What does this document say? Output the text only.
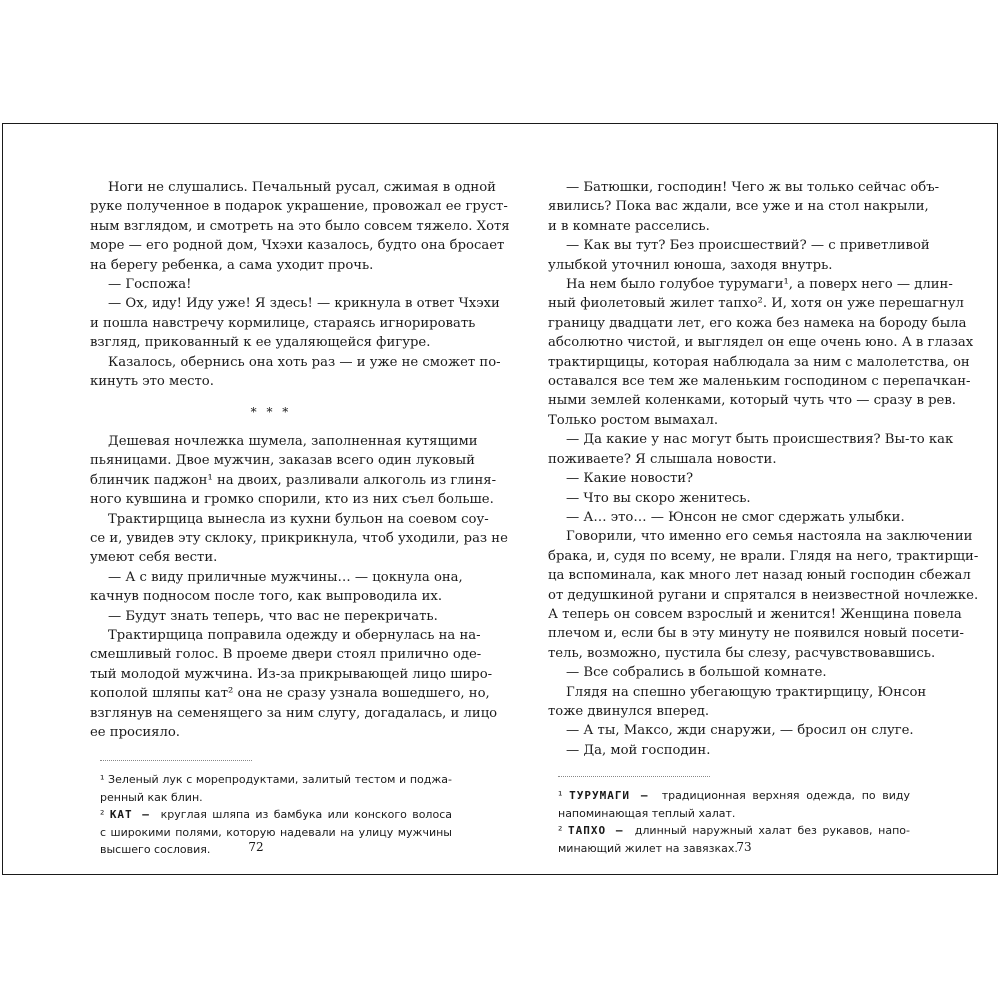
Ноги не слушались. Печальный русал, сжимая в одной
руке полученное в подарок украшение, провожал ее груст-
ным взглядом, и смотреть на это было совсем тяжело. Хотя
море — его родной дом, Чхэхи казалось, будто она бросает
на берегу ребенка, а сама уходит прочь.

— Госпожа!

— Ох, иду! Иду уже! Я здесь! — крикнула в ответ Чхэхи
и пошла навстречу кормилице, стараясь игнорировать
взгляд, прикованный к ее удаляющейся фигуре.

Казалось, обернись она хоть раз — и уже не сможет по-
кинуть это место.

* * *

Дешевая ночлежка шумела, заполненная кутящими
пьяницами. Двое мужчин, заказав всего один луковый
блинчик паджон¹ на двоих, разливали алкоголь из глиня-
ного кувшина и громко спорили, кто из них съел больше.

Трактирщица вынесла из кухни бульон на соевом соу-
се и, увидев эту склоку, прикрикнула, чтоб уходили, раз не
умеют себя вести.

— А с виду приличные мужчины… — цокнула она,
качнув подносом после того, как выпроводила их.

— Будут знать теперь, что вас не перекричать.

Трактирщица поправила одежду и обернулась на на-
смешливый голос. В проеме двери стоял прилично оде-
тый молодой мужчина. Из-за прикрывающей лицо широ-
кополой шляпы кат² она не сразу узнала вошедшего, но,
взглянув на семенящего за ним слугу, догадалась, и лицо
ее просияло.

¹ Зеленый лук с морепродуктами, залитый тестом и поджа-
ренный как блин.

² КАТ — круглая шляпа из бамбука или конского волоса
с широкими полями, которую надевали на улицу мужчины
высшего сословия.

— Батюшки, господин! Чего ж вы только сейчас объ-
явились? Пока вас ждали, все уже и на стол накрыли,
и в комнате расселись.

— Как вы тут? Без происшествий? — с приветливой
улыбкой уточнил юноша, заходя внутрь.

На нем было голубое турумаги¹, а поверх него — длин-
ный фиолетовый жилет тапхо². И, хотя он уже перешагнул
границу двадцати лет, его кожа без намека на бороду была
абсолютно чистой, и выглядел он еще очень юно. А в глазах
трактирщицы, которая наблюдала за ним с малолетства, он
оставался все тем же маленьким господином с перепачкан-
ными землей коленками, который чуть что — сразу в рев.
Только ростом вымахал.

— Да какие у нас могут быть происшествия? Вы-то как
поживаете? Я слышала новости.

— Какие новости?

— Что вы скоро женитесь.

— А… это… — Юнсон не смог сдержать улыбки.

Говорили, что именно его семья настояла на заключении
брака, и, судя по всему, не врали. Глядя на него, трактирщи-
ца вспоминала, как много лет назад юный господин сбежал
от дедушкиной ругани и спрятался в неизвестной ночлежке.
А теперь он совсем взрослый и женится! Женщина повела
плечом и, если бы в эту минуту не появился новый посети-
тель, возможно, пустила бы слезу, расчувствовавшись.

— Все собрались в большой комнате.

Глядя на спешно убегающую трактирщицу, Юнсон
тоже двинулся вперед.

— А ты, Максо, жди снаружи, — бросил он слуге.

— Да, мой господин.

¹ ТУРУМАГИ — традиционная верхняя одежда, по виду
напоминающая теплый халат.

² ТАПХО — длинный наружный халат без рукавов, напо-
минающий жилет на завязках.

72	73
